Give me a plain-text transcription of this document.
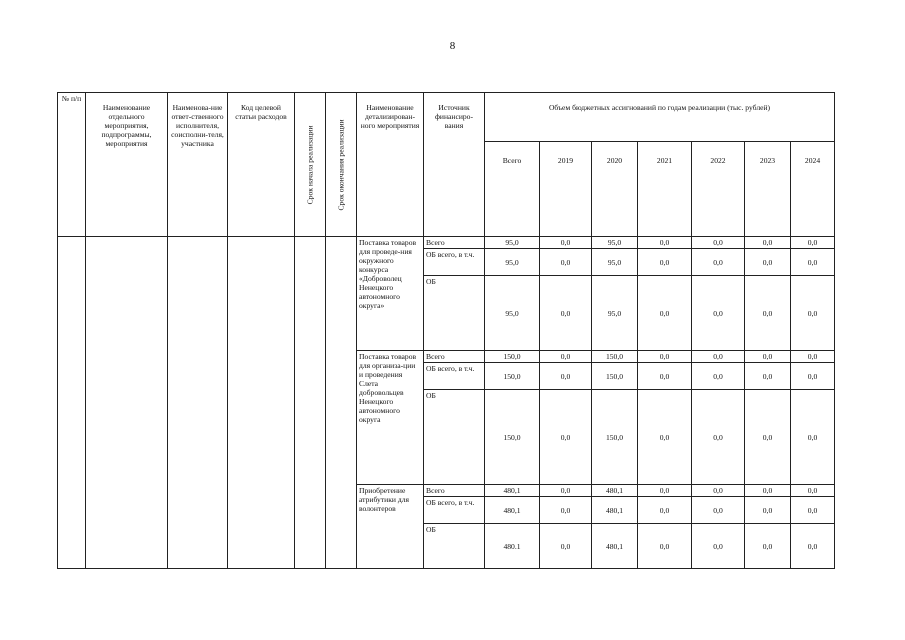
8
№ п/п	Наименование отдельного мероприятия, подпрограммы, мероприятия	Наименова-ние ответ-ственного исполнителя, соисполни-теля, участника	Код целевой статьи расходов	Срок начала реализации	Срок окончания реализации	Наименование детализирован-ного мероприятия	Источник финансиро-вания	Объем бюджетных ассигнований по годам реализации (тыс. рублей)						
								Всего	2019	2020	2021	2022	2023	2024
						Поставка товаров для проведе-ния окружного конкурса «Доброволец Ненецкого автономного округа»	Всего	95,0	0,0	95,0	0,0	0,0	0,0	0,0
							ОБ всего, в т.ч.	95,0	0,0	95,0	0,0	0,0	0,0	0,0
							ОБ	95,0	0,0	95,0	0,0	0,0	0,0	0,0
						Поставка товаров для организа-ции и проведения Слета добровольцев Ненецкого автономного округа	Всего	150,0	0,0	150,0	0,0	0,0	0,0	0,0
							ОБ всего, в т.ч.	150,0	0,0	150,0	0,0	0,0	0,0	0,0
							ОБ	150,0	0,0	150,0	0,0	0,0	0,0	0,0
						Приобретение атрибутики для волонтеров	Всего	480,1	0,0	480,1	0,0	0,0	0,0	0,0
							ОБ всего, в т.ч.	480,1	0,0	480,1	0,0	0,0	0,0	0,0
							ОБ	480.1	0,0	480,1	0,0	0,0	0,0	0,0
